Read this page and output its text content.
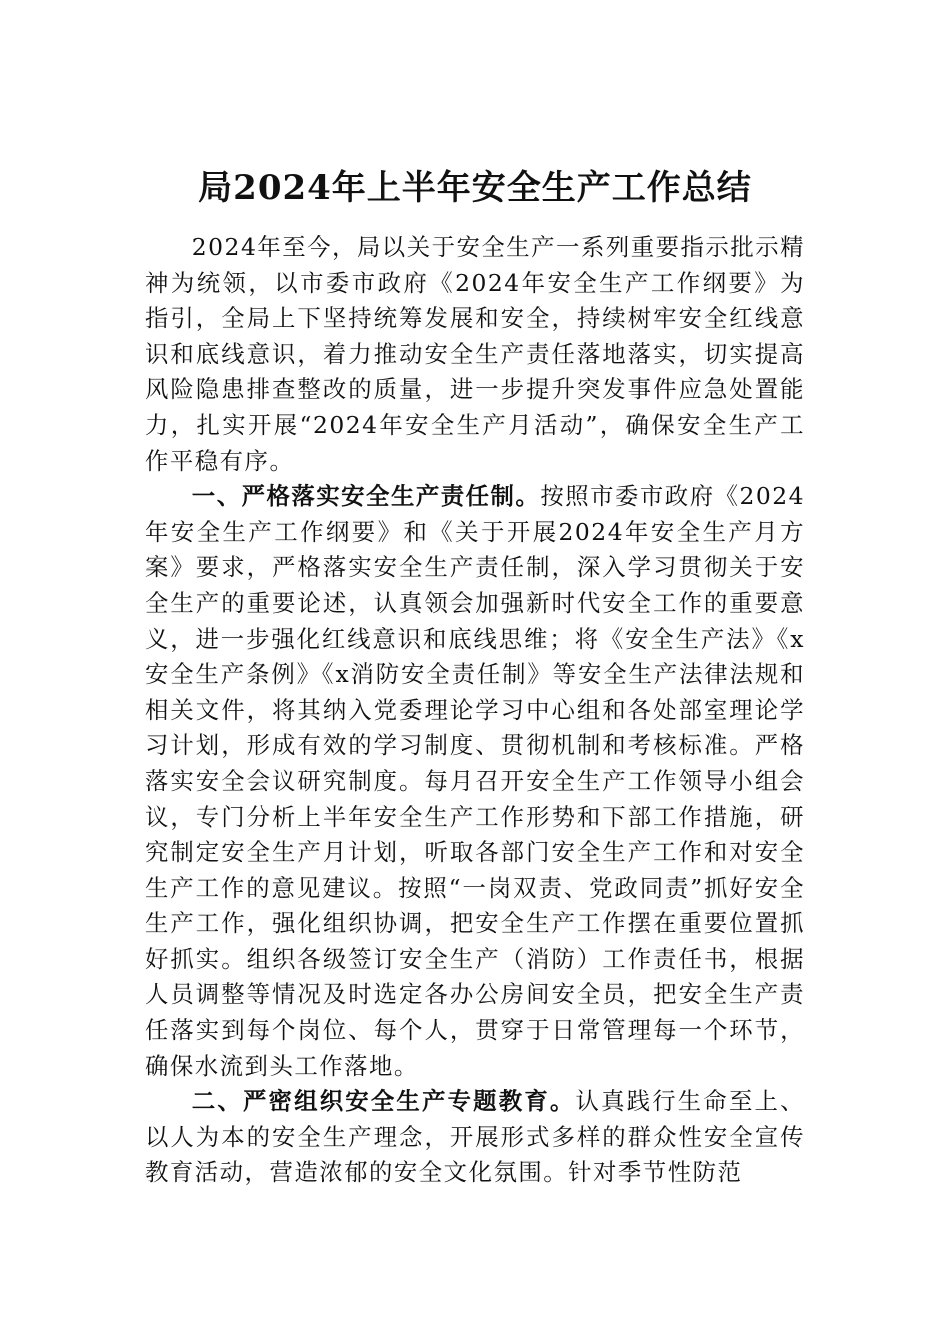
局2024年上半年安全生产工作总结

2024年至今，局以关于安全生产一系列重要指示批示精神为统领，以市委市政府《2024年安全生产工作纲要》为指引，全局上下坚持统筹发展和安全，持续树牢安全红线意识和底线意识，着力推动安全生产责任落地落实，切实提高风险隐患排查整改的质量，进一步提升突发事件应急处置能力，扎实开展“2024年安全生产月活动”，确保安全生产工作平稳有序。

一、严格落实安全生产责任制。按照市委市政府《2024年安全生产工作纲要》和《关于开展2024年安全生产月方案》要求，严格落实安全生产责任制，深入学习贯彻关于安全生产的重要论述，认真领会加强新时代安全工作的重要意义，进一步强化红线意识和底线思维；将《安全生产法》《x安全生产条例》《x消防安全责任制》等安全生产法律法规和相关文件，将其纳入党委理论学习中心组和各处部室理论学习计划，形成有效的学习制度、贯彻机制和考核标准。严格落实安全会议研究制度。每月召开安全生产工作领导小组会议，专门分析上半年安全生产工作形势和下部工作措施，研究制定安全生产月计划，听取各部门安全生产工作和对安全生产工作的意见建议。按照“一岗双责、党政同责”抓好安全生产工作，强化组织协调，把安全生产工作摆在重要位置抓好抓实。组织各级签订安全生产（消防）工作责任书，根据人员调整等情况及时选定各办公房间安全员，把安全生产责任落实到每个岗位、每个人，贯穿于日常管理每一个环节，确保水流到头工作落地。

二、严密组织安全生产专题教育。认真践行生命至上、以人为本的安全生产理念，开展形式多样的群众性安全宣传教育活动，营造浓郁的安全文化氛围。针对季节性防范
